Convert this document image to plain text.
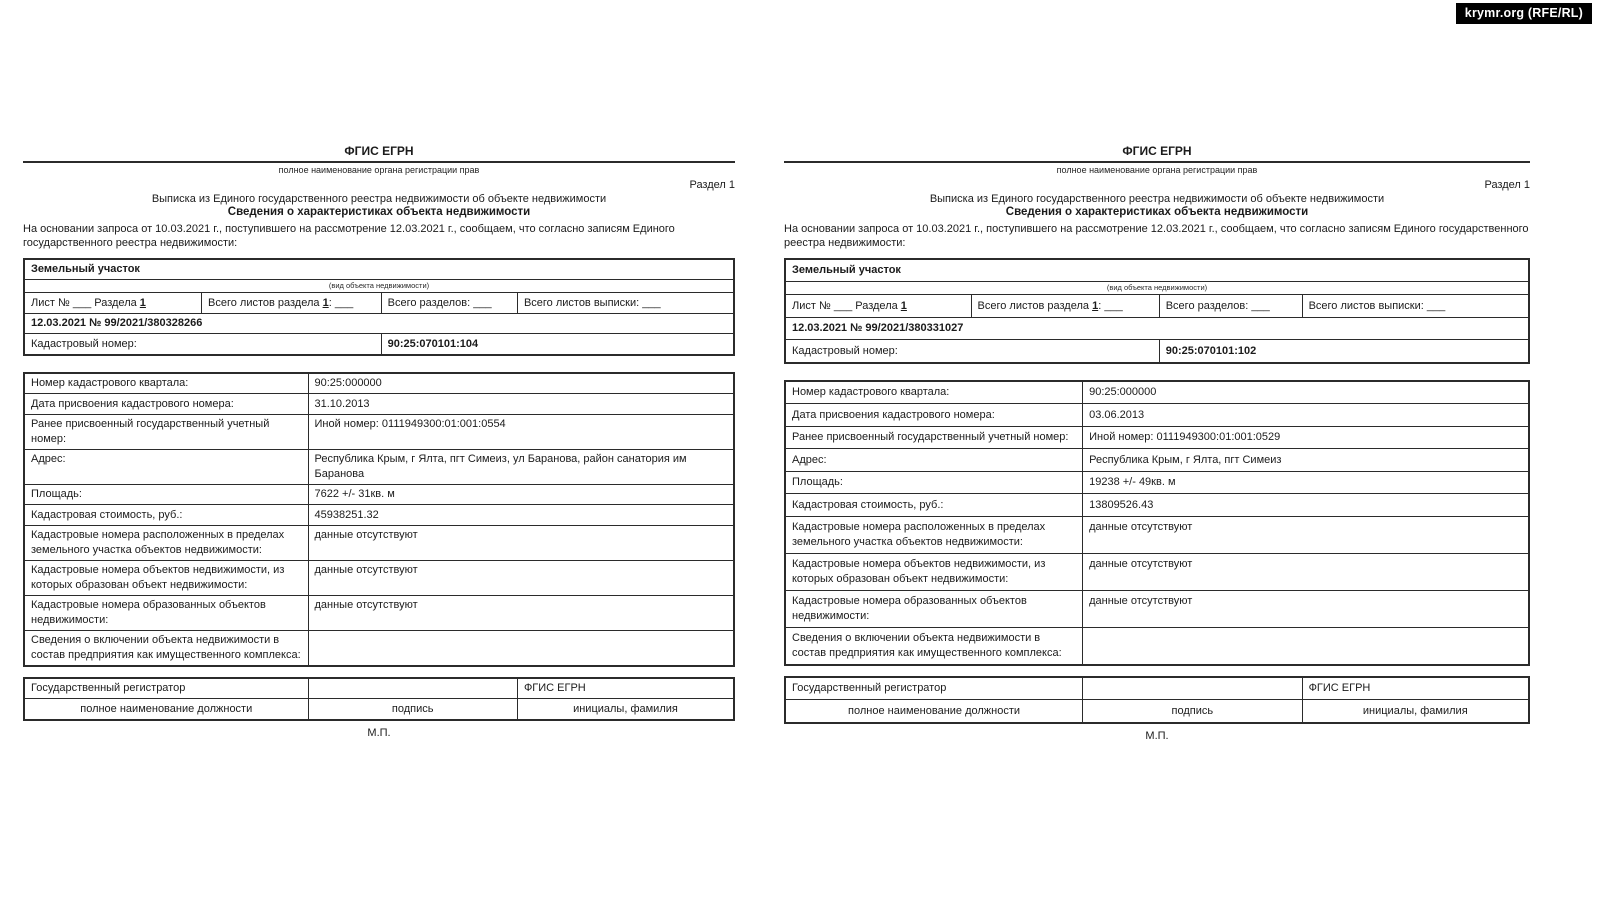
krymr.org (RFE/RL)
ФГИС ЕГРН
полное наименование органа регистрации прав
Раздел 1
Выписка из Единого государственного реестра недвижимости об объекте недвижимости
Сведения о характеристиках объекта недвижимости
На основании запроса от 10.03.2021 г., поступившего на рассмотрение 12.03.2021 г., сообщаем, что согласно записям Единого государственного реестра недвижимости:
Земельный участок			
(вид объекта недвижимости)			
Лист № ___ Раздела 1	Всего листов раздела 1: ___	Всего разделов: ___	Всего листов выписки: ___
12.03.2021 № 99/2021/380328266			
Кадастровый номер:		90:25:070101:104	
Номер кадастрового квартала:	90:25:000000
Дата присвоения кадастрового номера:	31.10.2013
Ранее присвоенный государственный учетный номер:	Иной номер: 0111949300:01:001:0554
Адрес:	Республика Крым, г Ялта, пгт Симеиз, ул Баранова, район санатория им Баранова
Площадь:	7622 +/- 31кв. м
Кадастровая стоимость, руб.:	45938251.32
Кадастровые номера расположенных в пределах земельного участка объектов недвижимости:	данные отсутствуют
Кадастровые номера объектов недвижимости, из которых образован объект недвижимости:	данные отсутствуют
Кадастровые номера образованных объектов недвижимости:	данные отсутствуют
Сведения о включении объекта недвижимости в состав предприятия как имущественного комплекса:	
Государственный регистратор		ФГИС ЕГРН
полное наименование должности	подпись	инициалы, фамилия
М.П.
ФГИС ЕГРН
полное наименование органа регистрации прав
Раздел 1
Выписка из Единого государственного реестра недвижимости об объекте недвижимости
Сведения о характеристиках объекта недвижимости
На основании запроса от 10.03.2021 г., поступившего на рассмотрение 12.03.2021 г., сообщаем, что согласно записям Единого государственного реестра недвижимости:
Земельный участок			
(вид объекта недвижимости)			
Лист № ___ Раздела 1	Всего листов раздела 1: ___	Всего разделов: ___	Всего листов выписки: ___
12.03.2021 № 99/2021/380331027			
Кадастровый номер:		90:25:070101:102	
Номер кадастрового квартала:	90:25:000000
Дата присвоения кадастрового номера:	03.06.2013
Ранее присвоенный государственный учетный номер:	Иной номер: 0111949300:01:001:0529
Адрес:	Республика Крым, г Ялта, пгт Симеиз
Площадь:	19238 +/- 49кв. м
Кадастровая стоимость, руб.:	13809526.43
Кадастровые номера расположенных в пределах земельного участка объектов недвижимости:	данные отсутствуют
Кадастровые номера объектов недвижимости, из которых образован объект недвижимости:	данные отсутствуют
Кадастровые номера образованных объектов недвижимости:	данные отсутствуют
Сведения о включении объекта недвижимости в состав предприятия как имущественного комплекса:	
Государственный регистратор		ФГИС ЕГРН
полное наименование должности	подпись	инициалы, фамилия
М.П.
